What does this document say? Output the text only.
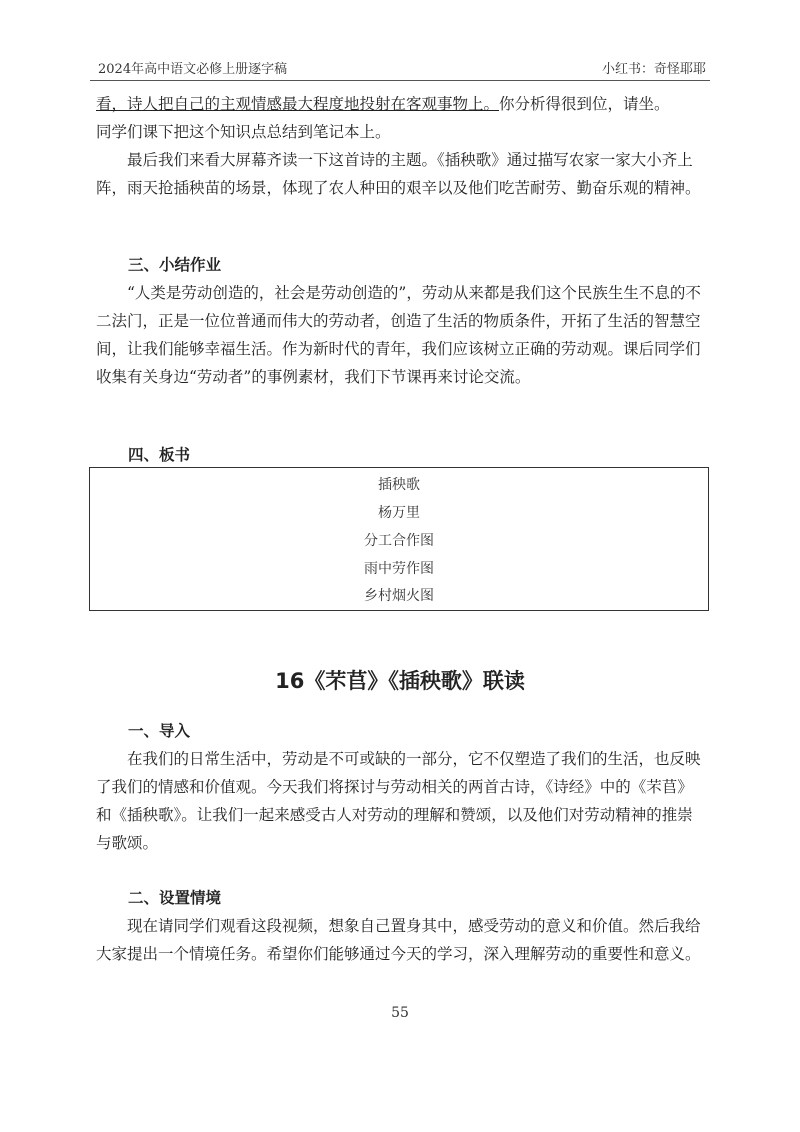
2024年高中语文必修上册逐字稿	小红书：奇怪耶耶

看，诗人把自己的主观情感最大程度地投射在客观事物上。你分析得很到位，请坐。
同学们课下把这个知识点总结到笔记本上。

最后我们来看大屏幕齐读一下这首诗的主题。《插秧歌》通过描写农家一家大小齐上阵，雨天抢插秧苗的场景，体现了农人种田的艰辛以及他们吃苦耐劳、勤奋乐观的精神。

三、小结作业

“人类是劳动创造的，社会是劳动创造的”，劳动从来都是我们这个民族生生不息的不二法门，正是一位位普通而伟大的劳动者，创造了生活的物质条件，开拓了生活的智慧空间，让我们能够幸福生活。作为新时代的青年，我们应该树立正确的劳动观。课后同学们收集有关身边“劳动者”的事例素材，我们下节课再来讨论交流。

四、板书
插秧歌
杨万里
分工合作图
雨中劳作图
乡村烟火图
16《芣苢》《插秧歌》联读
一、导入

在我们的日常生活中，劳动是不可或缺的一部分，它不仅塑造了我们的生活，也反映了我们的情感和价值观。今天我们将探讨与劳动相关的两首古诗，《诗经》中的《芣苢》和《插秧歌》。让我们一起来感受古人对劳动的理解和赞颂，以及他们对劳动精神的推崇与歌颂。

二、设置情境

现在请同学们观看这段视频，想象自己置身其中，感受劳动的意义和价值。然后我给大家提出一个情境任务。希望你们能够通过今天的学习，深入理解劳动的重要性和意义。

55
